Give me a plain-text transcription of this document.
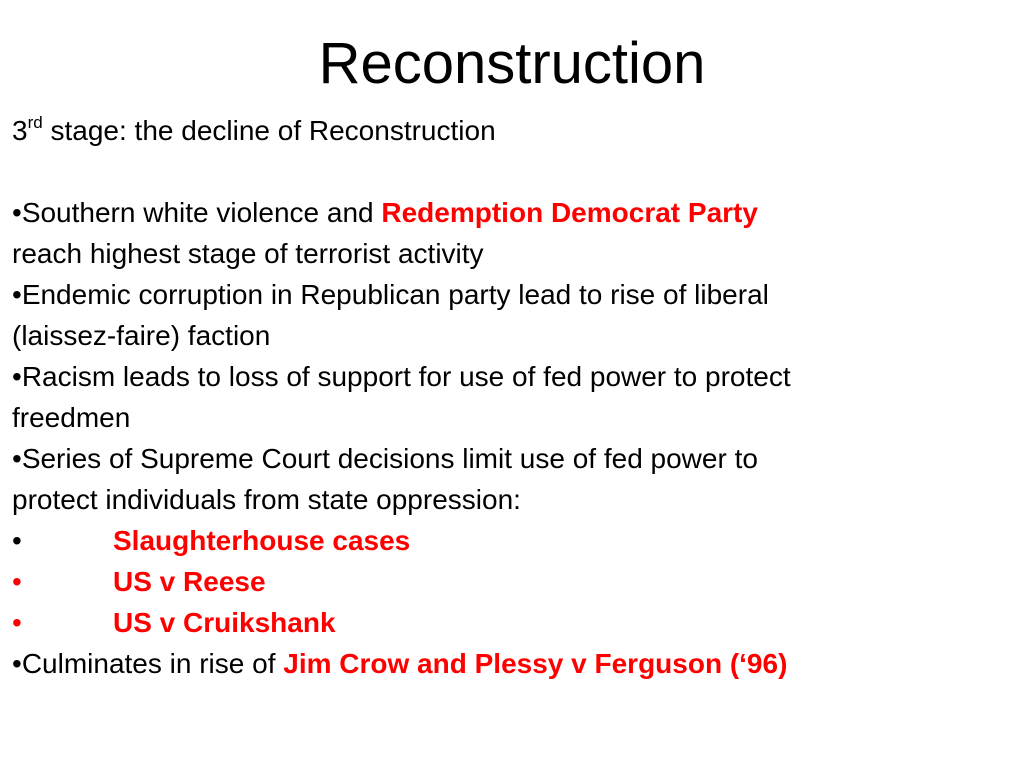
Reconstruction
3rd stage: the decline of Reconstruction
•Southern white violence and Redemption Democrat Party
reach highest stage of terrorist activity
•Endemic corruption in Republican party lead to rise of liberal
(laissez-faire) faction
•Racism leads to loss of support for use of fed power to protect
freedmen
•Series of Supreme Court decisions limit use of fed power to
protect individuals from state oppression:
•	Slaughterhouse cases
•	US v Reese
•	US v Cruikshank
•Culminates in rise of Jim Crow and Plessy v Ferguson (‘96)
